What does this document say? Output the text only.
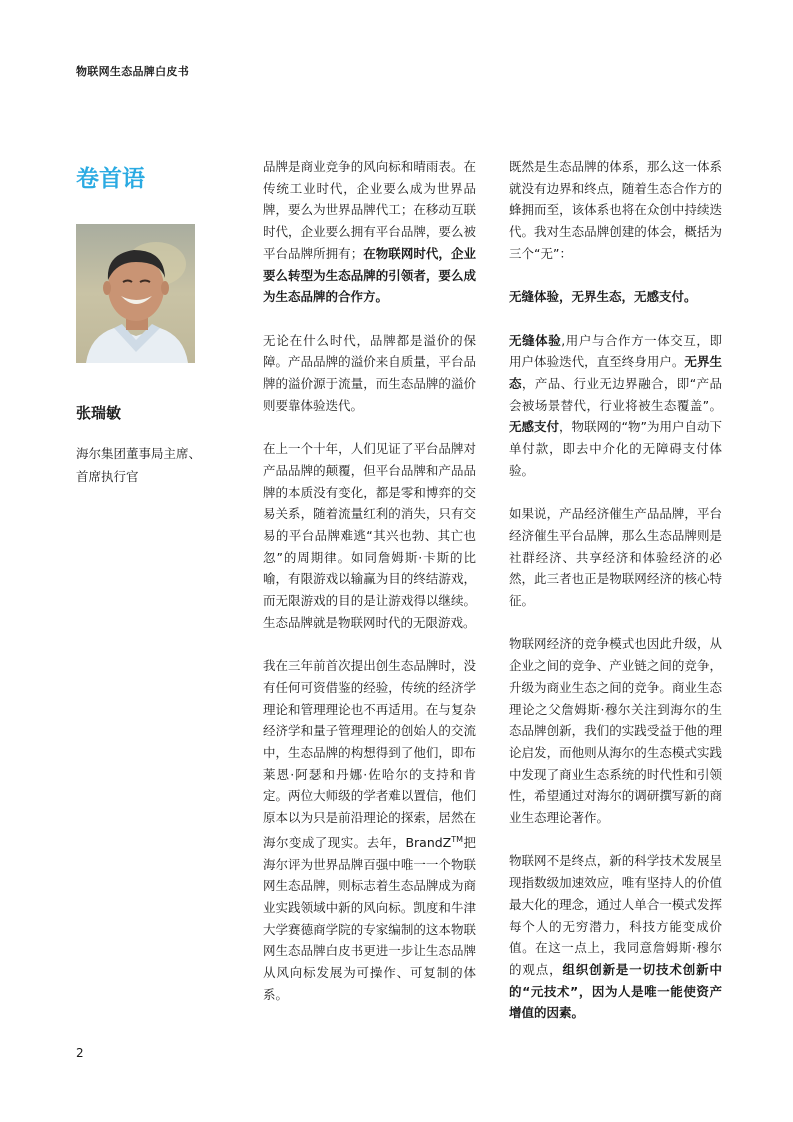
物联网生态品牌白皮书
卷首语
张瑞敏
海尔集团董事局主席、
首席执行官

品牌是商业竞争的风向标和晴雨表。在传统工业时代，企业要么成为世界品牌，要么为世界品牌代工；在移动互联时代，企业要么拥有平台品牌，要么被平台品牌所拥有；在物联网时代，企业要么转型为生态品牌的引领者，要么成为生态品牌的合作方。

无论在什么时代，品牌都是溢价的保障。产品品牌的溢价来自质量，平台品牌的溢价源于流量，而生态品牌的溢价则要靠体验迭代。

在上一个十年，人们见证了平台品牌对产品品牌的颠覆，但平台品牌和产品品牌的本质没有变化，都是零和博弈的交易关系，随着流量红利的消失，只有交易的平台品牌难逃“其兴也勃、其亡也忽”的周期律。如同詹姆斯·卡斯的比喻，有限游戏以输赢为目的终结游戏，而无限游戏的目的是让游戏得以继续。生态品牌就是物联网时代的无限游戏。

我在三年前首次提出创生态品牌时，没有任何可资借鉴的经验，传统的经济学理论和管理理论也不再适用。在与复杂经济学和量子管理理论的创始人的交流中，生态品牌的构想得到了他们，即布莱恩·阿瑟和丹娜·佐哈尔的支持和肯定。两位大师级的学者难以置信，他们原本以为只是前沿理论的探索，居然在海尔变成了现实。去年，BrandZ™把海尔评为世界品牌百强中唯一一个物联网生态品牌，则标志着生态品牌成为商业实践领域中新的风向标。凯度和牛津大学赛德商学院的专家编制的这本物联网生态品牌白皮书更进一步让生态品牌从风向标发展为可操作、可复制的体系。

既然是生态品牌的体系，那么这一体系就没有边界和终点，随着生态合作方的蜂拥而至，该体系也将在众创中持续迭代。我对生态品牌创建的体会，概括为三个“无”：

无缝体验，无界生态，无感支付。

无缝体验,用户与合作方一体交互，即用户体验迭代，直至终身用户。无界生态，产品、行业无边界融合，即“产品会被场景替代，行业将被生态覆盖”。无感支付，物联网的“物”为用户自动下单付款，即去中介化的无障碍支付体验。

如果说，产品经济催生产品品牌，平台经济催生平台品牌，那么生态品牌则是社群经济、共享经济和体验经济的必然，此三者也正是物联网经济的核心特征。

物联网经济的竞争模式也因此升级，从企业之间的竞争、产业链之间的竞争，升级为商业生态之间的竞争。商业生态理论之父詹姆斯·穆尔关注到海尔的生态品牌创新，我们的实践受益于他的理论启发，而他则从海尔的生态模式实践中发现了商业生态系统的时代性和引领性，希望通过对海尔的调研撰写新的商业生态理论著作。

物联网不是终点，新的科学技术发展呈现指数级加速效应，唯有坚持人的价值最大化的理念，通过人单合一模式发挥每个人的无穷潜力，科技方能变成价值。在这一点上，我同意詹姆斯·穆尔的观点，组织创新是一切技术创新中的“元技术”，因为人是唯一能使资产增值的因素。

2
